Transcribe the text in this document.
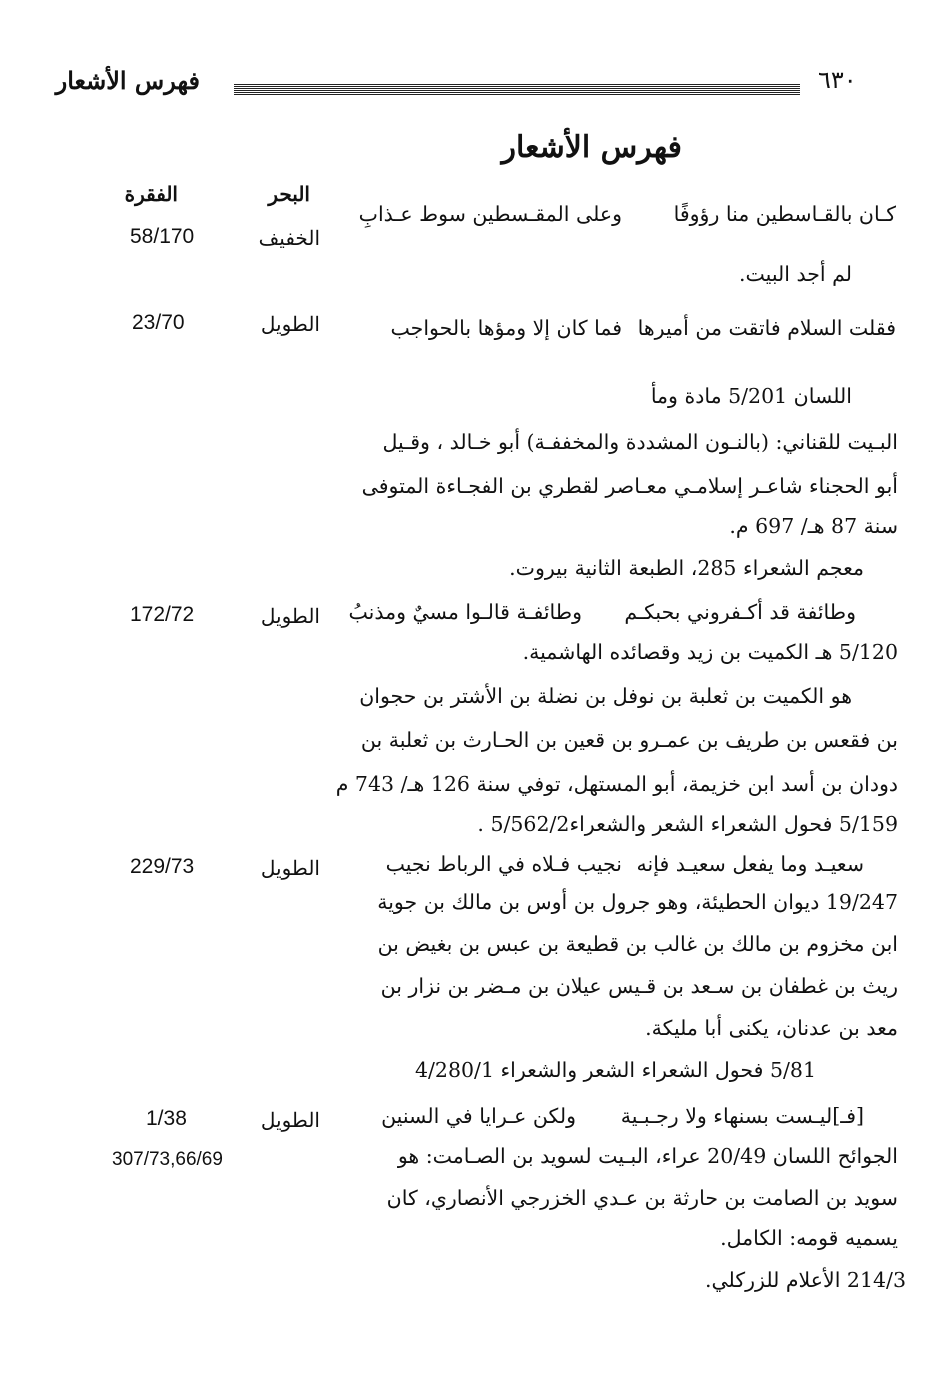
فهرس الأشعار	٦٣٠
فهرس الأشعار
البحر
الفقرة
كـان بالقـاسطين منا رؤوفًا
وعلى المقـسطين سوط عـذابِ
الخفيف
58/170
لم أجد البيت.
فقلت السلام فاتقت من أميرها
فما كان إلا ومؤها بالحواجب
الطويل
23/70
اللسان 5/201 مادة ومأ
البـيت للقناني: (بالنـون المشددة والمخففـة) أبو خـالد ، وقـيل
أبو الحجناء شاعـر إسلامـي معـاصر لقطري بن الفجـاءة المتوفى
سنة 87 هـ/ 697 م.
معجم الشعراء 285، الطبعة الثانية بيروت.
وطائفة قد أكـفروني بحبكـم
وطائفـة قالـوا مسيٌ ومذنبُ
الطويل
172/72
5/120 هـ الكميت بن زيد وقصائده الهاشمية.
هو الكميت بن ثعلبة بن نوفل بن نضلة بن الأشتر بن حجوان
بن فقعس بن طريف بن عمـرو بن قعين بن الحـارث بن ثعلبة بن
دودان بن أسد ابن خزيمة، أبو المستهل، توفي سنة 126 هـ/ 743 م
5/159 فحول الشعراء الشعر والشعراء5/562/2 .
سعيـد وما يفعل سعيـد فإنه
نجيب فـلاه في الرباط نجيب
الطويل
229/73
19/247 ديوان الحطيئة، وهو جرول بن أوس بن مالك بن جوية
ابن مخزوم بن مالك بن غالب بن قطيعة بن عبس بن بغيض بن
ريث بن غطفان بن سـعد بن قـيس عيلان بن مـضر بن نزار بن
معد بن عدنان، يكنى أبا مليكة.
5/81 فحول الشعراء الشعر والشعراء 4/280/1
[فـ]ليـست بسنهاء ولا رجـبـية
ولكن عـرايا في السنين
الطويل
1/38
307/73,66/69	الجوائح اللسان 20/49 عراء، البـيت لسويد بن الصـامت: هو
سويد بن الصامت بن حارثة بن عـدي الخزرجي الأنصاري، كان
يسميه قومه: الكامل.
214/3 الأعلام للزركلي.
